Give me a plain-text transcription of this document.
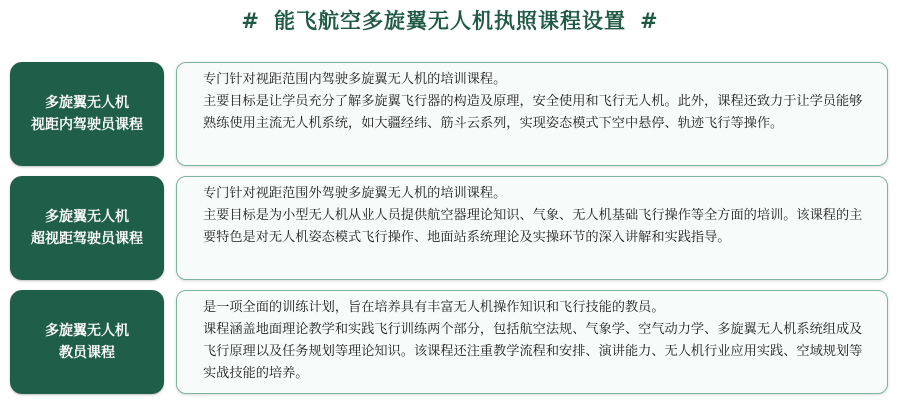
# 能飞航空多旋翼无人机执照课程设置 #
多旋翼无人机
视距内驾驶员课程

专门针对视距范围内驾驶多旋翼无人机的培训课程。

主要目标是让学员充分了解多旋翼飞行器的构造及原理，安全使用和飞行无人机。此外，课程还致力于让学员能够熟练使用主流无人机系统，如大疆经纬、筋斗云系列，实现姿态模式下空中悬停、轨迹飞行等操作。

多旋翼无人机
超视距驾驶员课程

专门针对视距范围外驾驶多旋翼无人机的培训课程。

主要目标是为小型无人机从业人员提供航空器理论知识、气象、无人机基础飞行操作等全方面的培训。该课程的主要特色是对无人机姿态模式飞行操作、地面站系统理论及实操环节的深入讲解和实践指导。

多旋翼无人机
教员课程

是一项全面的训练计划，旨在培养具有丰富无人机操作知识和飞行技能的教员。

课程涵盖地面理论教学和实践飞行训练两个部分，包括航空法规、气象学、空气动力学、多旋翼无人机系统组成及飞行原理以及任务规划等理论知识。该课程还注重教学流程和安排、演讲能力、无人机行业应用实践、空域规划等实战技能的培养。
